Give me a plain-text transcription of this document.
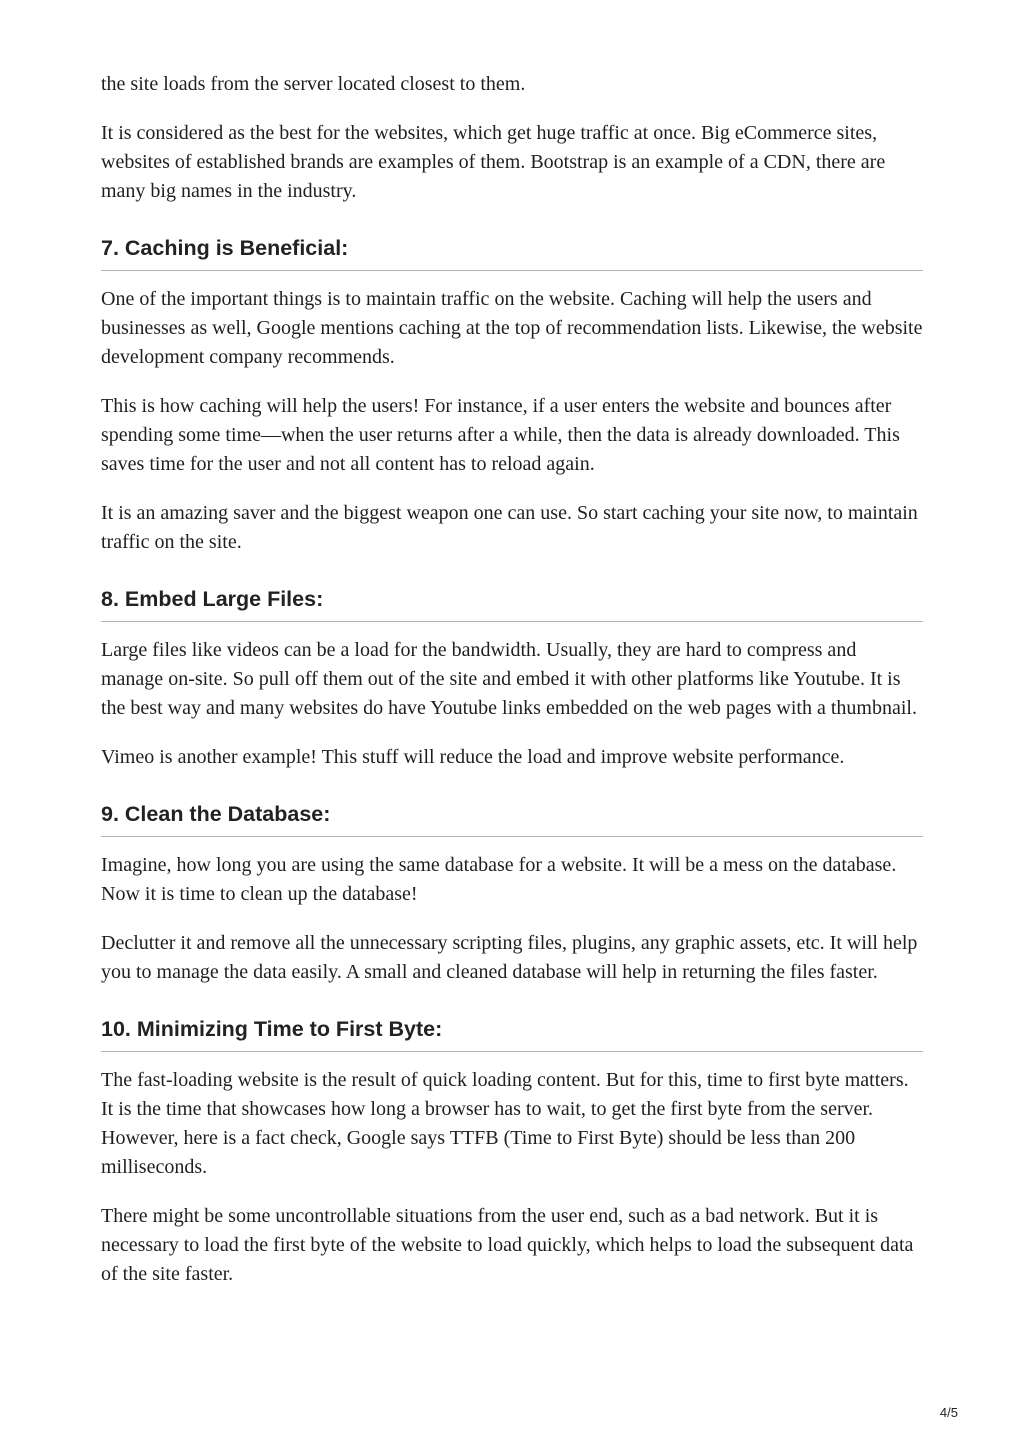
the site loads from the server located closest to them.

It is considered as the best for the websites, which get huge traffic at once. Big eCommerce sites, websites of established brands are examples of them. Bootstrap is an example of a CDN, there are many big names in the industry.

7. Caching is Beneficial:

One of the important things is to maintain traffic on the website. Caching will help the users and businesses as well, Google mentions caching at the top of recommendation lists. Likewise, the website development company recommends.

This is how caching will help the users! For instance, if a user enters the website and bounces after spending some time—when the user returns after a while, then the data is already downloaded. This saves time for the user and not all content has to reload again.

It is an amazing saver and the biggest weapon one can use. So start caching your site now, to maintain traffic on the site.

8. Embed Large Files:

Large files like videos can be a load for the bandwidth. Usually, they are hard to compress and manage on-site. So pull off them out of the site and embed it with other platforms like Youtube. It is the best way and many websites do have Youtube links embedded on the web pages with a thumbnail.

Vimeo is another example! This stuff will reduce the load and improve website performance.

9. Clean the Database:

Imagine, how long you are using the same database for a website. It will be a mess on the database. Now it is time to clean up the database!

Declutter it and remove all the unnecessary scripting files, plugins, any graphic assets, etc. It will help you to manage the data easily. A small and cleaned database will help in returning the files faster.

10. Minimizing Time to First Byte:

The fast-loading website is the result of quick loading content. But for this, time to first byte matters. It is the time that showcases how long a browser has to wait, to get the first byte from the server. However, here is a fact check, Google says TTFB (Time to First Byte) should be less than 200 milliseconds.

There might be some uncontrollable situations from the user end, such as a bad network. But it is necessary to load the first byte of the website to load quickly, which helps to load the subsequent data of the site faster.

4/5
